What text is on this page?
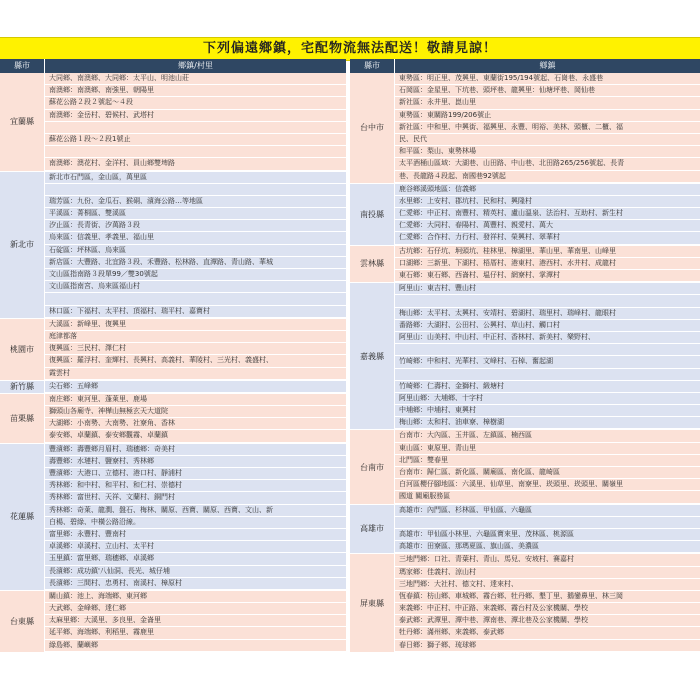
下列偏遠鄉鎮，宅配物流無法配送！敬請見諒！
縣市	鄉鎮/村里
宜蘭縣
大同鄉、南澳鄉、大同鄉：太平山、明池山莊
南澳鄉：南澳鄉、南強里、朝陽里
蘇花公路２段２號起～４段
南澳鄉：金岳村、碧候村、武塔村
蘇花公路１段～２段1號止
南澳鄉：澳花村、金洋村、員山鄉雙埤路
新北市
新北市石門區，金山區，萬里區
瑞芳區：九份、金瓜石、猴硐、濱海公路…等地區
平溪區：菁桐區、雙溪區
汐止區：長青街、汐萬路３段
烏來區：信義里、孝義里、福山里
石碇區：坪林區、烏來區
新店區：大豐路、北宜路３段、禾豐路、松林路、直潭路、青山路、華城
文山區指南路３段單99／雙30號起
文山區指南宮、烏來區福山村
林口區：下福村、太平村、頂福村、瑞平村、嘉寶村
桃園市
大溪區：新峰里、復興里
庭津都落
復興區：三民村、澤仁村
復興區：羅浮村、奎輝村、長興村、高義村、華陵村、三光村、義盛村、
霞雲村
新竹縣	尖石鄉：五峰鄉
苗栗縣
南庄鄉：東河里、蓬萊里、鹿場
獅頭山各廟寺、神樺山無極玄天大道院
大湖鄉：小南勢、大南勢、社寮角、香林
泰安鄉、卓蘭鎮、泰安鄉觀霧、卓蘭鎮
花蓮縣
豐濱鄉：壽豐鄉月眉村、瑞穗鄉：奇美村
壽豐鄉：水璉村、鹽寮村、秀林鄉
豐濱鄉：大港口、立德村、港口村、靜浦村
秀林鄉：和中村、和平村、和仁村、崇德村
秀林鄉：富世村、天祥、文蘭村、銅門村
秀林鄉：奇萊、龍澗、盤石、梅林、關原、西寶、關原、西寶、文山、新
白楊、碧綠、中橫公路沿線。
富里鄉：永豐村、豐南村
卓溪鄉：卓溪村、立山村、太平村
玉里鎮：富里鄉、瑞穗鄉、卓溪鄉
長濱鄉：成功鎮'八仙洞、長光、城仔埔
長濱鄉：三間村、忠勇村、南溪村、樟原村
台東縣
關山鎮：池上、海端鄉、東河鄉
大武鄉、金峰鄉、達仁鄉
太麻里鄉：大溪里、多良里、金崙里
延平鄉、海端鄉、利稻里、霧鹿里
綠島鄉、蘭嶼鄉
縣市	鄉鎮
台中市
東勢區：明正里、茂興里、東蘭街195/194號起、石崗巷、永盛巷
石岡區：金星里、下坑巷、頭坪巷、龍興里：仙塘坪巷、岡仙巷
新社區：永井里、崑山里
東勢區：東關路199/206號止
新社區：中和里、中興街、福興里、永豐、明裕、美林、頭櫃、二櫃、福
民、民代
和平區：梨山、東勢林場
太平酒桶山區域：大湖巷、山田路、中山巷、北田路265/256號起、長青
巷、長龍路４段起、南國巷92號起
南投縣
鹿谷鄉溪頭地區：信義鄉
水里鄉：上安村、郡坑村、民和村、興隆村
仁愛鄉：中正村、南豐村、精英村、盧山溫泉、法治村、互助村、新生村
仁愛鄉：大同村、春陽村、萬豐村、親愛村、萬大
仁愛鄉：合作村、力行村、發祥村、榮興村、翠華村
雲林縣
古坑鄉：石仔坑、坰頭坑、桂林里、樟湖里、華山里、華南里、山峰里
口湖鄉：三新里、下湖村、梧厝村、港東村、港西村、水井村、成龍村
東石鄉：東石鄉、西崙村、塭仔村、網寮村、掌潭村
嘉義縣
阿里山：東吉村、豐山村
梅山鄉：太平村、太興村、安靖村、碧湖村、瑞里村、瑞峰村、龍眼村
番路鄉：大湖村、公田村、公興村、草山村、觸口村
阿里山：山美村、中山村、中正村、香林村、新美村、樂野村、
竹崎鄉：中和村、光華村、文峰村、石棹、奮起湖
竹崎鄉：仁壽村、金獅村、緞塘村
阿里山鄉：大埔鄉、十字村
中埔鄉：中埔村、東興村
梅山鄉：太和村、油車寮、樟樹湖
台南市
台南市：大內區、玉井區、左鎮區、楠西區
東山區：東原里、青山里
北門區：雙春里
台南市：歸仁區、新化區、關廟區、南化區、龍崎區
白河區櫻仔腳地區：六溪里、仙草里、南寮里、崁頭里、崁頭里、關嶺里
國道 關廟服務區
高雄市
高雄市：內門區、杉林區、甲仙區、六龜區
高雄市：甲仙區小林里、六龜區寶來里、茂林區、桃源區
高雄市：田寮區、那瑪夏區、旗山區、美濃區
屏東縣
三地門鄉：口社、青葉村、青山、馬兒、安坡村、賽嘉村
瑪家鄉：佳義村、涼山村
三地門鄉：大社村、德文村、達來村、
恆春鎮：枋山鄉、車城鄉、霧台鄉、牡丹鄉、墾丁里、鵝鑾鼻里、林三岡
來義鄉：中正村、中正路、來義鄉、霧台村及公家機關、學校
泰武鄉：武潭里、潭中巷、潭南巷、潭北巷及公家機關、學校
牡丹鄉：滿州鄉、來義鄉、泰武鄉
春日鄉：獅子鄉、琉球鄉
